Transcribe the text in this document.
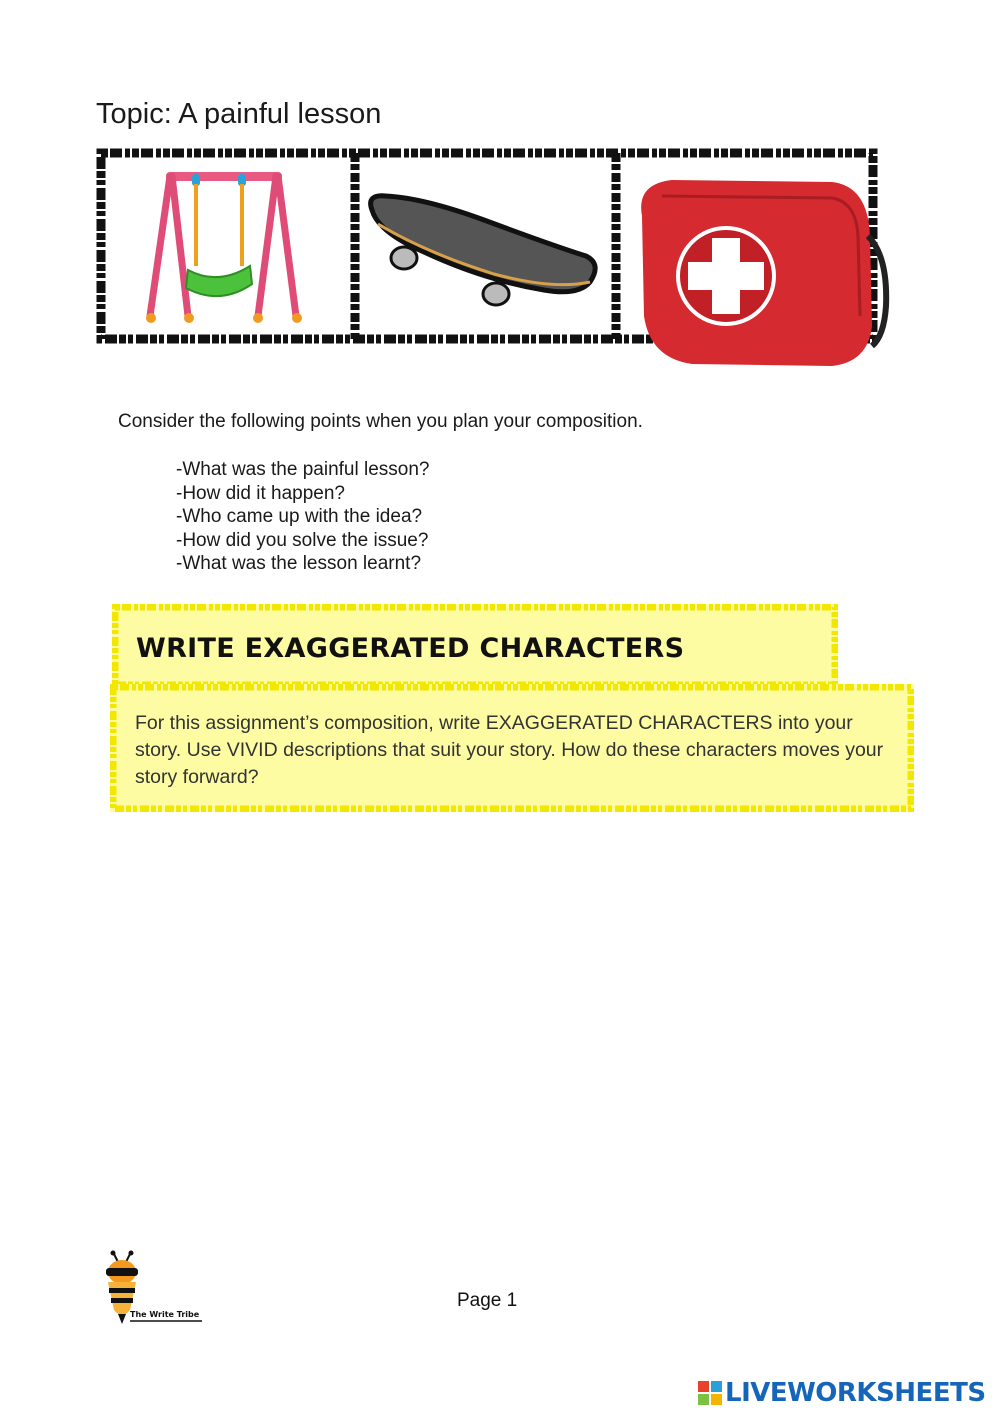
Topic: A painful lesson

Consider the following points when you plan your composition.

-What was the painful lesson?
-How did it happen?
-Who came up with the idea?
-How did you solve the issue?
-What was the lesson learnt?
WRITE EXAGGERATED CHARACTERS

For this assignment’s composition, write EXAGGERATED CHARACTERS into your story. Use VIVID descriptions that suit your story. How do these characters moves your story forward?

The Write Tribe
Page 1
LIVEWORKSHEETS
